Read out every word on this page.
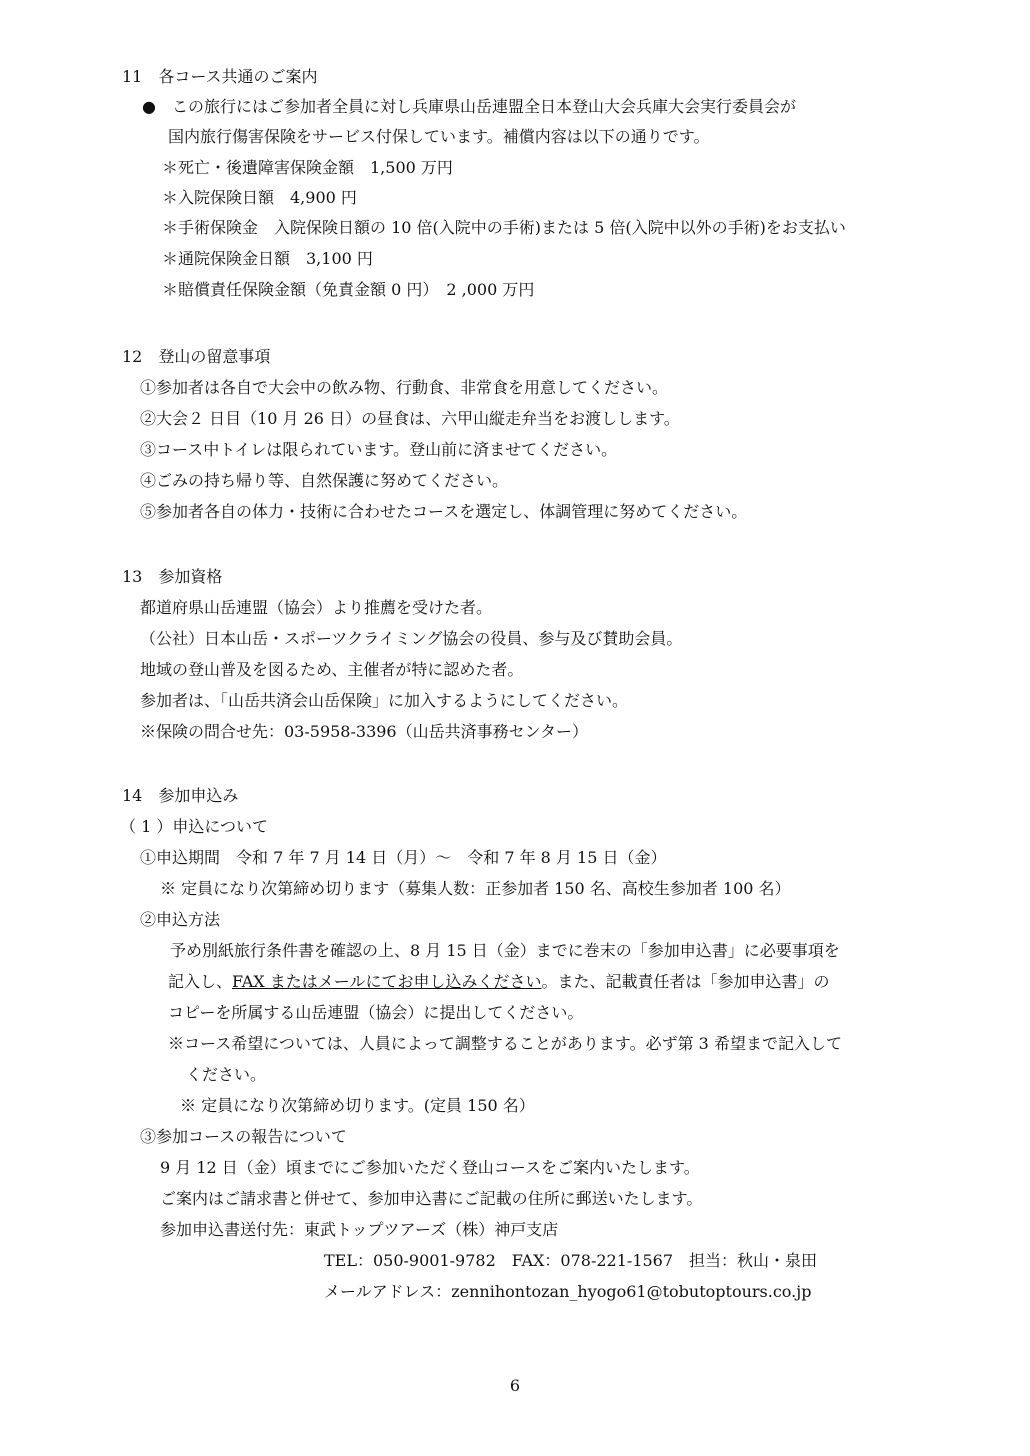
11　各コース共通のご案内
● この旅行にはご参加者全員に対し兵庫県山岳連盟全日本登山大会兵庫大会実行委員会が
国内旅行傷害保険をサービス付保しています。補償内容は以下の通りです。
＊死亡・後遺障害保険金額　1,500 万円
＊入院保険日額　4,900 円
＊手術保険金　入院保険日額の 10 倍(入院中の手術)または 5 倍(入院中以外の手術)をお支払い
＊通院保険金日額　3,100 円
＊賠償責任保険金額（免責金額 0 円）　2 ,000 万円
12　登山の留意事項
①参加者は各自で大会中の飲み物、行動食、非常食を用意してください。
②大会２ 日目（10 月 26 日）の昼食は、六甲山縦走弁当をお渡しします。
③コース中トイレは限られています。登山前に済ませてください。
④ごみの持ち帰り等、自然保護に努めてください。
⑤参加者各自の体力・技術に合わせたコースを選定し、体調管理に努めてください。
13　参加資格
都道府県山岳連盟（協会）より推薦を受けた者。
（公社）日本山岳・スポーツクライミング協会の役員、参与及び賛助会員。
地域の登山普及を図るため、主催者が特に認めた者。
参加者は、「山岳共済会山岳保険」に加入するようにしてください。
※保険の問合せ先：03-5958-3396（山岳共済事務センター）
14　参加申込み
（ 1 ）申込について
①申込期間　令和 7 年 7 月 14 日（月）～　令和 7 年 8 月 15 日（金）
※ 定員になり次第締め切ります（募集人数：正参加者 150 名、高校生参加者 100 名）
②申込方法
予め別紙旅行条件書を確認の上、8 月 15 日（金）までに巻末の「参加申込書」に必要事項を
記入し、FAX またはメールにてお申し込みください。また、記載責任者は「参加申込書」の
コピーを所属する山岳連盟（協会）に提出してください。
※コース希望については、人員によって調整することがあります。必ず第 3 希望まで記入して
ください。
※ 定員になり次第締め切ります。(定員 150 名）
③参加コースの報告について
9 月 12 日（金）頃までにご参加いただく登山コースをご案内いたします。
ご案内はご請求書と併せて、参加申込書にご記載の住所に郵送いたします。
参加申込書送付先：東武トップツアーズ（株）神戸支店
TEL：050-9001-9782　FAX：078-221-1567　担当：秋山・泉田
メールアドレス：zennihontozan_hyogo61@tobutoptours.co.jp
6
